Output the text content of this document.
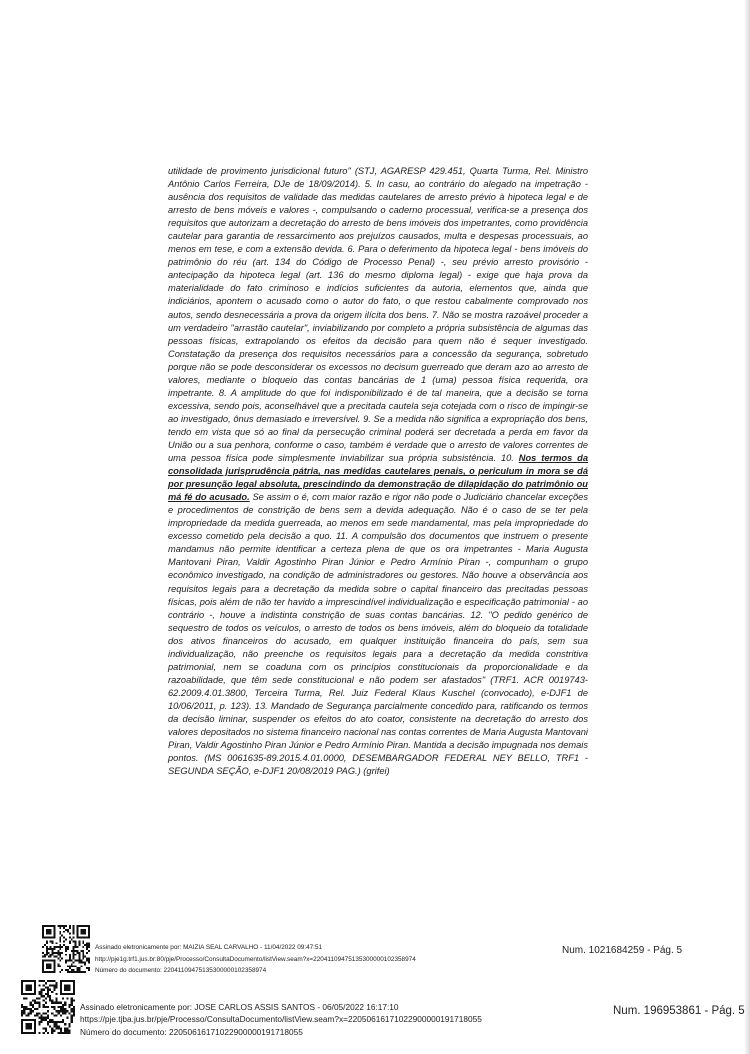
utilidade de provimento jurisdicional futuro" (STJ, AGARESP 429.451, Quarta Turma, Rel. Ministro Antônio Carlos Ferreira, DJe de 18/09/2014). 5. In casu, ao contrário do alegado na impetração - ausência dos requisitos de validade das medidas cautelares de arresto prévio à hipoteca legal e de arresto de bens móveis e valores -, compulsando o caderno processual, verifica-se a presença dos requisitos que autorizam a decretação do arresto de bens imóveis dos impetrantes, como providência cautelar para garantia de ressarcimento aos prejuízos causados, multa e despesas processuais, ao menos em tese, e com a extensão devida. 6. Para o deferimento da hipoteca legal - bens imóveis do patrimônio do réu (art. 134 do Código de Processo Penal) -, seu prévio arresto provisório - antecipação da hipoteca legal (art. 136 do mesmo diploma legal) - exige que haja prova da materialidade do fato criminoso e indícios suficientes da autoria, elementos que, ainda que indiciários, apontem o acusado como o autor do fato, o que restou cabalmente comprovado nos autos, sendo desnecessária a prova da origem ilícita dos bens. 7. Não se mostra razoável proceder a um verdadeiro "arrastão cautelar", inviabilizando por completo a própria subsistência de algumas das pessoas físicas, extrapolando os efeitos da decisão para quem não é sequer investigado. Constatação da presença dos requisitos necessários para a concessão da segurança, sobretudo porque não se pode desconsiderar os excessos no decisum guerreado que deram azo ao arresto de valores, mediante o bloqueio das contas bancárias de 1 (uma) pessoa física requerida, ora impetrante. 8. A amplitude do que foi indisponibilizado é de tal maneira, que a decisão se torna excessiva, sendo pois, aconselhável que a precitada cautela seja cotejada com o risco de impingir-se ao investigado, ônus demasiado e irreversível. 9. Se a medida não significa a expropriação dos bens, tendo em vista que só ao final da persecução criminal poderá ser decretada a perda em favor da União ou a sua penhora, conforme o caso, também é verdade que o arresto de valores correntes de uma pessoa física pode simplesmente inviabilizar sua própria subsistência. 10. Nos termos da consolidada jurisprudência pátria, nas medidas cautelares penais, o periculum in mora se dá por presunção legal absoluta, prescindindo da demonstração de dilapidação do patrimônio ou má fé do acusado. Se assim o é, com maior razão e rigor não pode o Judiciário chancelar exceções e procedimentos de constrição de bens sem a devida adequação. Não é o caso de se ter pela impropriedade da medida guerreada, ao menos em sede mandamental, mas pela impropriedade do excesso cometido pela decisão a quo. 11. A compulsão dos documentos que instruem o presente mandamus não permite identificar a certeza plena de que os ora impetrantes - Maria Augusta Mantovani Piran, Valdir Agostinho Piran Júnior e Pedro Armínio Piran -, compunham o grupo econômico investigado, na condição de administradores ou gestores. Não houve a observância aos requisitos legais para a decretação da medida sobre o capital financeiro das precitadas pessoas físicas, pois além de não ter havido a imprescindível individualização e especificação patrimonial - ao contrário -, houve a indistinta constrição de suas contas bancárias. 12. "O pedido genérico de sequestro de todos os veículos, o arresto de todos os bens imóveis, além do bloqueio da totalidade dos ativos financeiros do acusado, em qualquer instituição financeira do país, sem sua individualização, não preenche os requisitos legais para a decretação da medida constritiva patrimonial, nem se coaduna com os princípios constitucionais da proporcionalidade e da razoabilidade, que têm sede constitucional e não podem ser afastados" (TRF1. ACR 0019743-62.2009.4.01.3800, Terceira Turma, Rel. Juiz Federal Klaus Kuschel (convocado), e-DJF1 de 10/06/2011, p. 123). 13. Mandado de Segurança parcialmente concedido para, ratificando os termos da decisão liminar, suspender os efeitos do ato coator, consistente na decretação do arresto dos valores depositados no sistema financeiro nacional nas contas correntes de Maria Augusta Mantovani Piran, Valdir Agostinho Piran Júnior e Pedro Armínio Piran. Mantida a decisão impugnada nos demais pontos. (MS 0061635-89.2015.4.01.0000, DESEMBARGADOR FEDERAL NEY BELLO, TRF1 - SEGUNDA SEÇÃO, e-DJF1 20/08/2019 PAG.) (grifei)
Assinado eletronicamente por: MAIZIA SEAL CARVALHO - 11/04/2022 09:47:51
http://pje1g.trf1.jus.br:80/pje/Processo/ConsultaDocumento/listView.seam?x=22041109475135300000102358974
Número do documento: 22041109475135300000102358974
Num. 1021684259 - Pág. 5
Assinado eletronicamente por: JOSE CARLOS ASSIS SANTOS - 06/05/2022 16:17:10
https://pje.tjba.jus.br/pje/Processo/ConsultaDocumento/listView.seam?x=22050616171022900000191718055
Número do documento: 22050616171022900000191718055
Num. 196953861 - Pág. 5
